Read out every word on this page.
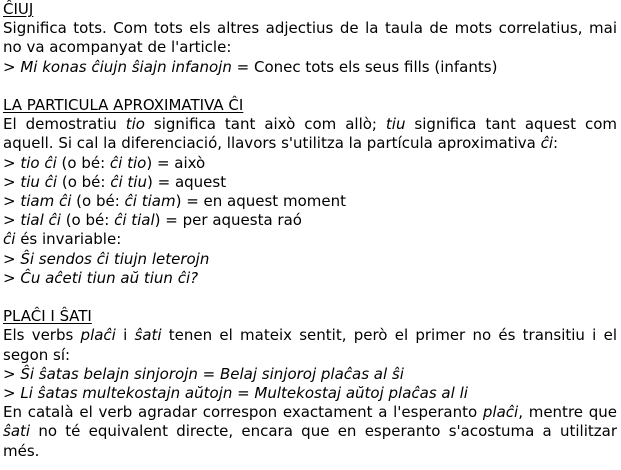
ĈIUJ

Significa tots. Com tots els altres adjectius de la taula de mots correlatius, mai no va acompanyat de l'article:

> Mi konas ĉiujn ŝiajn infanojn = Conec tots els seus fills (infants)

LA PARTICULA APROXIMATIVA ĈI

El demostratiu tio significa tant això com allò; tiu significa tant aquest com aquell. Si cal la diferenciació, llavors s'utilitza la partícula aproximativa ĉi:

> tio ĉi (o bé: ĉi tio) = això

> tiu ĉi (o bé: ĉi tiu) = aquest

> tiam ĉi (o bé: ĉi tiam) = en aquest moment

> tial ĉi (o bé: ĉi tial) = per aquesta raó

ĉi és invariable:

> Ŝi sendos ĉi tiujn leterojn

> Ĉu aĉeti tiun aŭ tiun ĉi?

PLAĈI I ŜATI

Els verbs plaĉi i ŝati tenen el mateix sentit, però el primer no és transitiu i el segon sí:

> Ŝi ŝatas belajn sinjorojn = Belaj sinjoroj plaĉas al ŝi

> Li ŝatas multekostajn aŭtojn = Multekostaj aŭtoj plaĉas al li

En català el verb agradar correspon exactament a l'esperanto plaĉi, mentre que ŝati no té equivalent directe, encara que en esperanto s'acostuma a utilitzar més.
